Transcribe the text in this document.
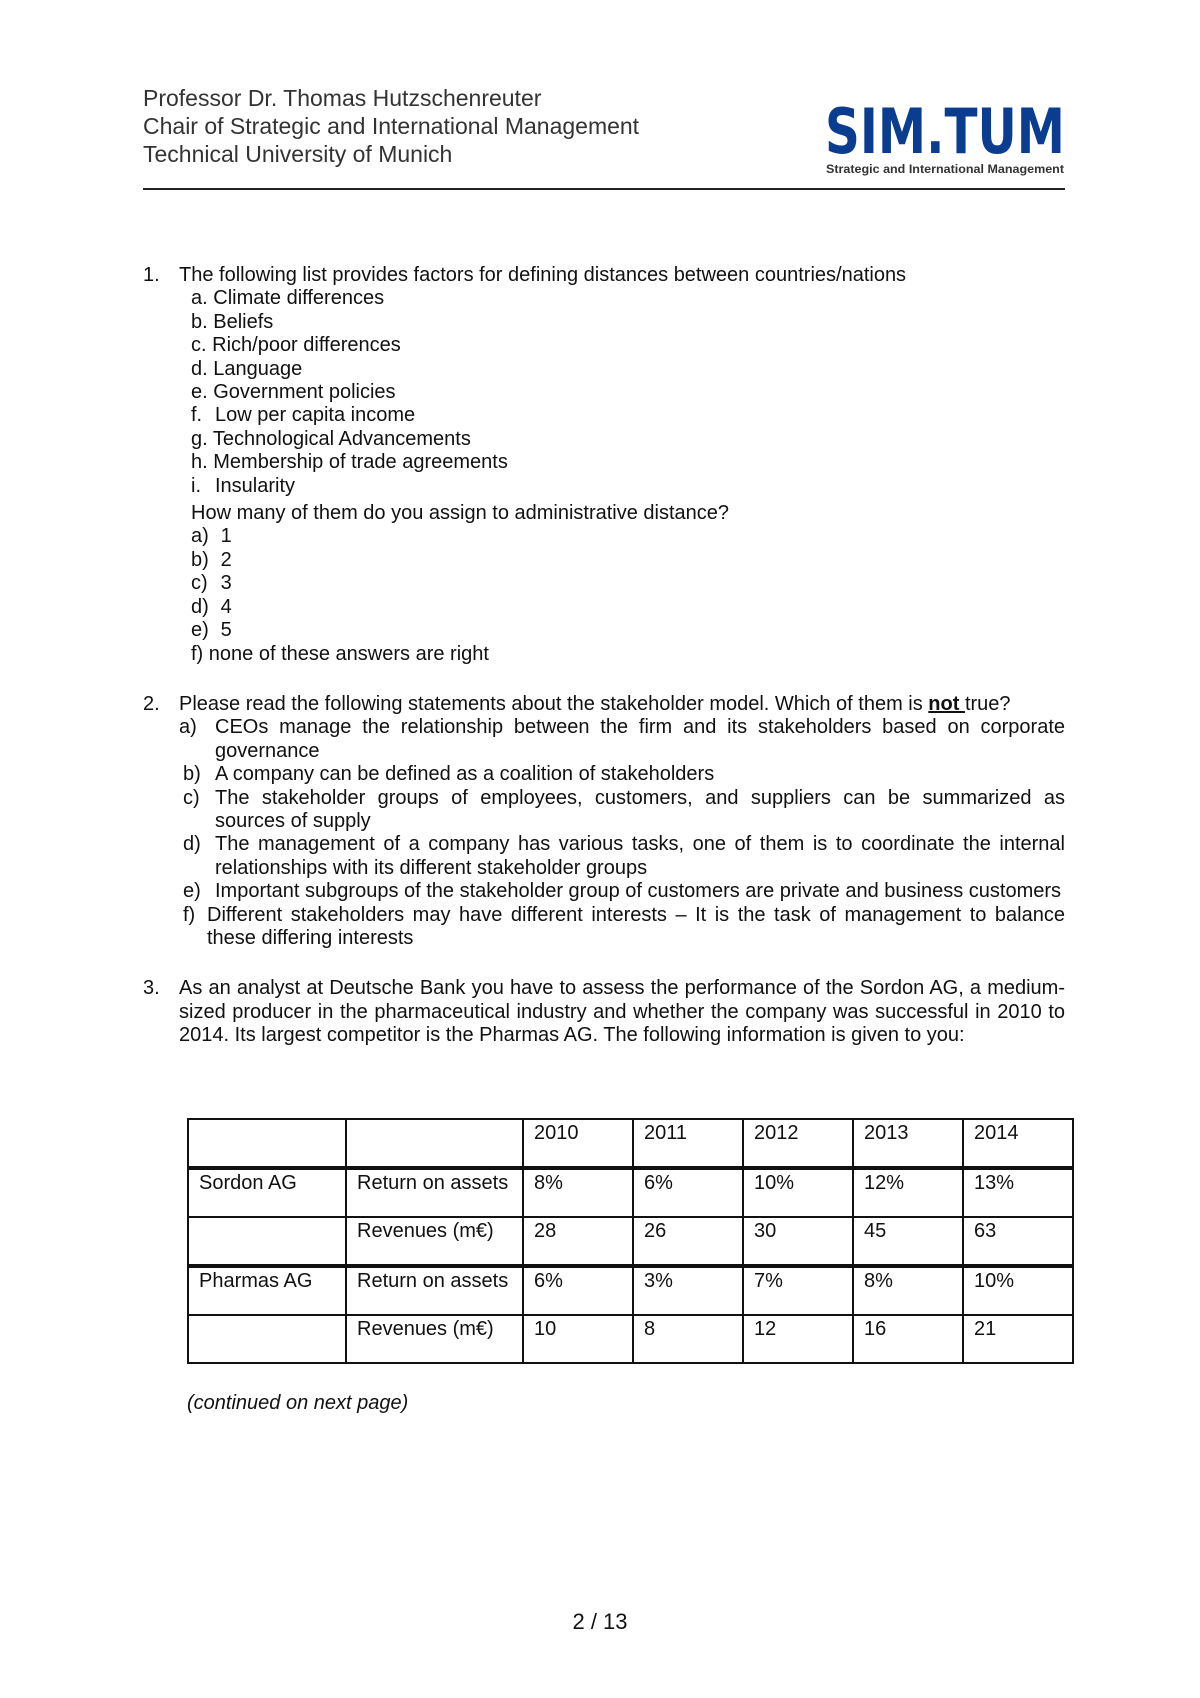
Professor Dr. Thomas Hutzschenreuter
Chair of Strategic and International Management
Technical University of Munich	SIM.TUM
Strategic and International Management
1. The following list provides factors for defining distances between countries/nations
a. Climate differences
b. Beliefs
c. Rich/poor differences
d. Language
e. Government policies
f. Low per capita income
g. Technological Advancements
h. Membership of trade agreements
i. Insularity
How many of them do you assign to administrative distance?
a) 1
b) 2
c) 3
d) 4
e) 5
f) none of these answers are right
2. Please read the following statements about the stakeholder model. Which of them is not true?
a) CEOs manage the relationship between the firm and its stakeholders based on corporate governance
b) A company can be defined as a coalition of stakeholders
c) The stakeholder groups of employees, customers, and suppliers can be summarized as sources of supply
d) The management of a company has various tasks, one of them is to coordinate the internal relationships with its different stakeholder groups
e) Important subgroups of the stakeholder group of customers are private and business customers
f) Different stakeholders may have different interests – It is the task of management to balance these differing interests
3. As an analyst at Deutsche Bank you have to assess the performance of the Sordon AG, a medium-sized producer in the pharmaceutical industry and whether the company was successful in 2010 to 2014. Its largest competitor is the Pharmas AG. The following information is given to you:
		2010	2011	2012	2013	2014
Sordon AG	Return on assets	8%	6%	10%	12%	13%
	Revenues (m€)	28	26	30	45	63
Pharmas AG	Return on assets	6%	3%	7%	8%	10%
	Revenues (m€)	10	8	12	16	21
(continued on next page)
2 / 13
